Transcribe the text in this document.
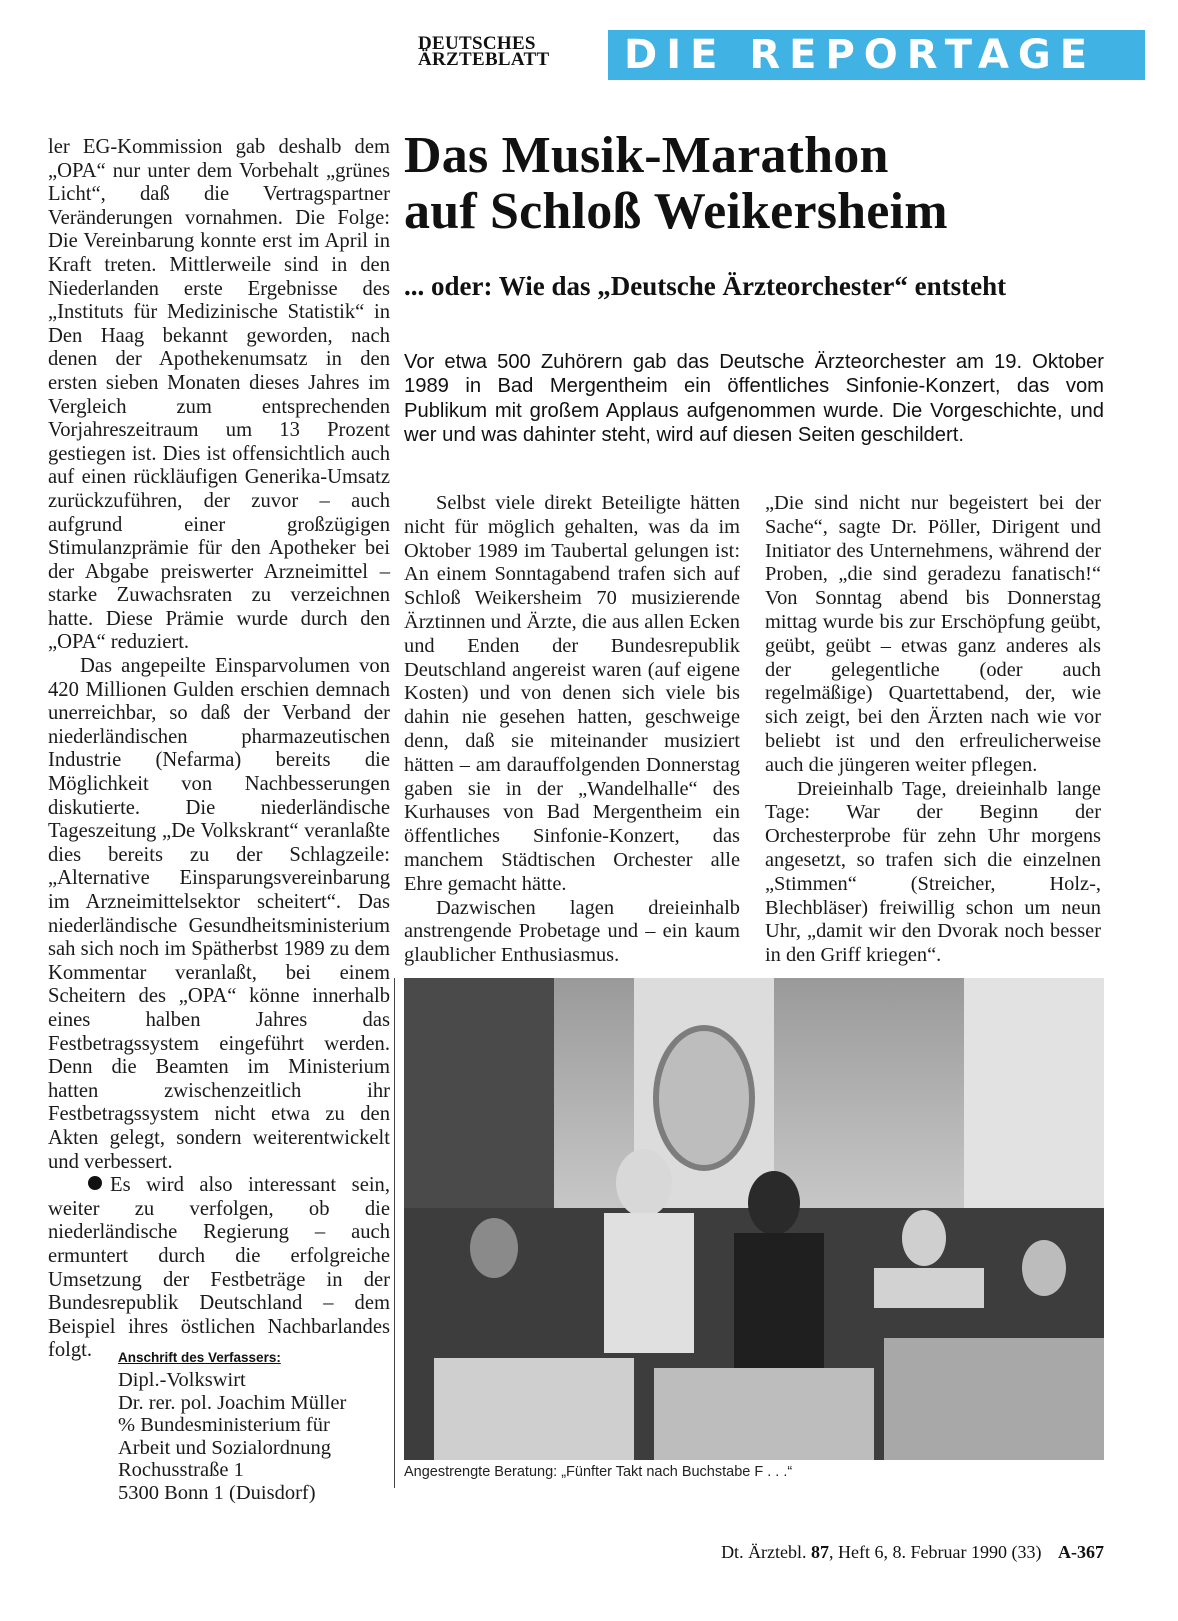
DEUTSCHES
ÄRZTEBLATT	DIE REPORTAGE

ler EG-Kommission gab deshalb dem „OPA“ nur unter dem Vorbehalt „grünes Licht“, daß die Vertragspartner Veränderungen vornahmen. Die Folge: Die Vereinbarung konnte erst im April in Kraft treten. Mittlerweile sind in den Niederlanden erste Ergebnisse des „Instituts für Medizinische Statistik“ in Den Haag bekannt geworden, nach denen der Apothekenumsatz in den ersten sieben Monaten dieses Jahres im Vergleich zum entsprechenden Vorjahreszeitraum um 13 Prozent gestiegen ist. Dies ist offensichtlich auch auf einen rückläufigen Generika-Umsatz zurückzuführen, der zuvor – auch aufgrund einer großzügigen Stimulanzprämie für den Apotheker bei der Abgabe preiswerter Arzneimittel – starke Zuwachsraten zu verzeichnen hatte. Diese Prämie wurde durch den „OPA“ reduziert.

Das angepeilte Einsparvolumen von 420 Millionen Gulden erschien demnach unerreichbar, so daß der Verband der niederländischen pharmazeutischen Industrie (Nefarma) bereits die Möglichkeit von Nachbesserungen diskutierte. Die niederländische Tageszeitung „De Volkskrant“ veranlaßte dies bereits zu der Schlagzeile: „Alternative Einsparungsvereinbarung im Arzneimittelsektor scheitert“. Das niederländische Gesundheitsministerium sah sich noch im Spätherbst 1989 zu dem Kommentar veranlaßt, bei einem Scheitern des „OPA“ könne innerhalb eines halben Jahres das Festbetragssystem eingeführt werden. Denn die Beamten im Ministerium hatten zwischenzeitlich ihr Festbetragssystem nicht etwa zu den Akten gelegt, sondern weiterentwickelt und verbessert.

Es wird also interessant sein, weiter zu verfolgen, ob die niederländische Regierung – auch ermuntert durch die erfolgreiche Umsetzung der Festbeträge in der Bundesrepublik Deutschland – dem Beispiel ihres östlichen Nachbarlandes folgt.	Anschrift des Verfassers:
Dipl.-Volkswirt
Dr. rer. pol. Joachim Müller
% Bundesministerium für
Arbeit und Sozialordnung
Rochusstraße 1
5300 Bonn 1 (Duisdorf)
Das Musik-Marathon
auf Schloß Weikersheim
... oder: Wie das „Deutsche Ärzteorchester“ entsteht
Vor etwa 500 Zuhörern gab das Deutsche Ärzteorchester am 19. Oktober 1989 in Bad Mergentheim ein öffentliches Sinfonie-Konzert, das vom Publikum mit großem Applaus aufgenommen wurde. Die Vorgeschichte, und wer und was dahinter steht, wird auf diesen Seiten geschildert.

Selbst viele direkt Beteiligte hätten nicht für möglich gehalten, was da im Oktober 1989 im Taubertal gelungen ist: An einem Sonntagabend trafen sich auf Schloß Weikersheim 70 musizierende Ärztinnen und Ärzte, die aus allen Ecken und Enden der Bundesrepublik Deutschland angereist waren (auf eigene Kosten) und von denen sich viele bis dahin nie gesehen hatten, geschweige denn, daß sie miteinander musiziert hätten – am darauffolgenden Donnerstag gaben sie in der „Wandelhalle“ des Kurhauses von Bad Mergentheim ein öffentliches Sinfonie-Konzert, das manchem Städtischen Orchester alle Ehre gemacht hätte.

Dazwischen lagen dreieinhalb anstrengende Probetage und – ein kaum glaublicher Enthusiasmus.

„Die sind nicht nur begeistert bei der Sache“, sagte Dr. Pöller, Dirigent und Initiator des Unternehmens, während der Proben, „die sind geradezu fanatisch!“ Von Sonntag abend bis Donnerstag mittag wurde bis zur Erschöpfung geübt, geübt, geübt – etwas ganz anderes als der gelegentliche (oder auch regelmäßige) Quartettabend, der, wie sich zeigt, bei den Ärzten nach wie vor beliebt ist und den erfreulicherweise auch die jüngeren weiter pflegen.

Dreieinhalb Tage, dreieinhalb lange Tage: War der Beginn der Orchesterprobe für zehn Uhr morgens angesetzt, so trafen sich die einzelnen „Stimmen“ (Streicher, Holz-, Blechbläser) freiwillig schon um neun Uhr, „damit wir den Dvorak noch besser in den Griff kriegen“.

Angestrengte Beratung: „Fünfter Takt nach Buchstabe F . . .“
Dt. Ärztebl. 87, Heft 6, 8. Februar 1990 (33) A-367
